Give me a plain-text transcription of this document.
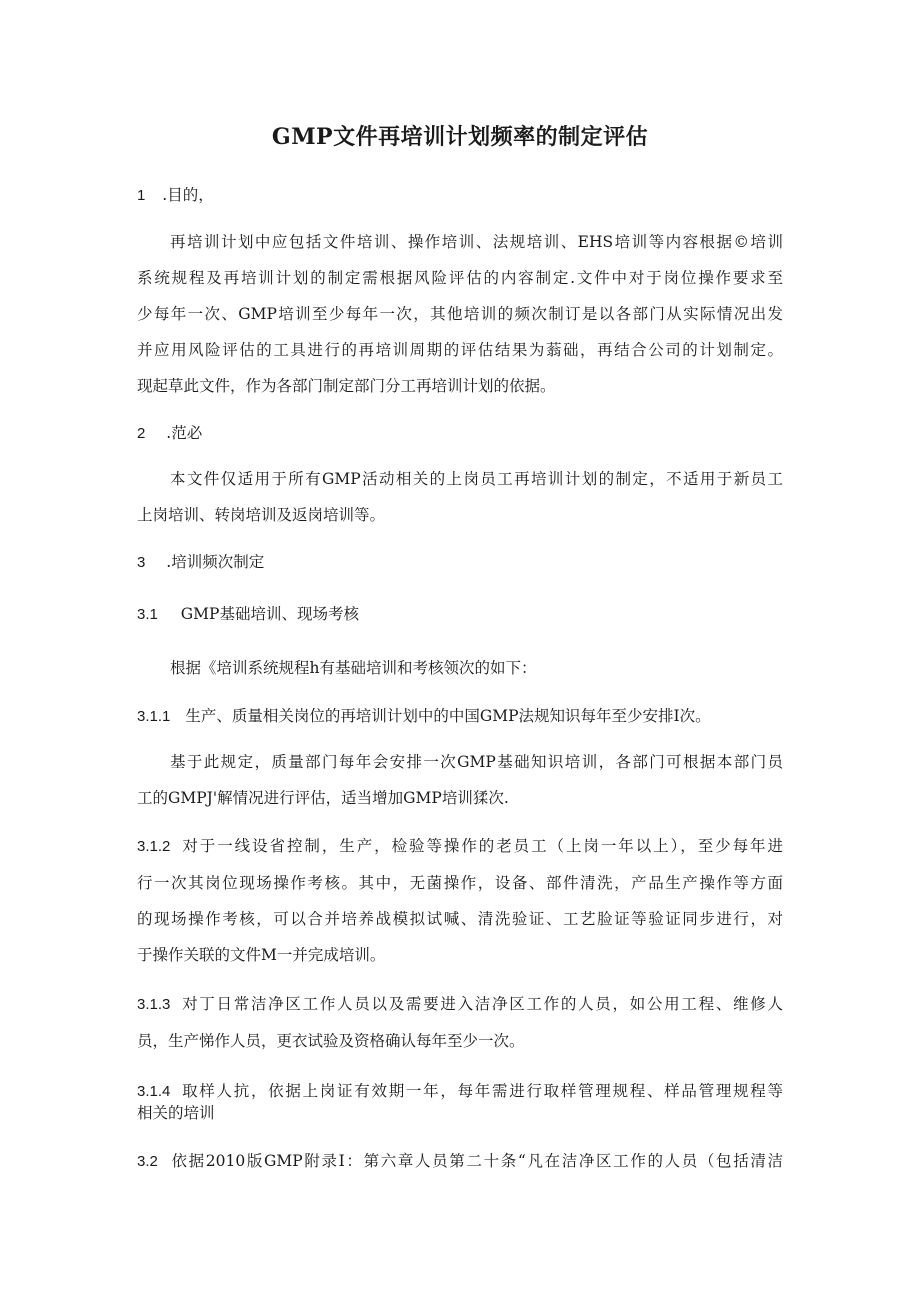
GMP文件再培训计划频率的制定评估
1 .目的，
再培训计划中应包括文件培训、操作培训、法规培训、EHS培训等内容根据©培训
系统规程及再培训计划的制定需根据风险评估的内容制定.文件中对于岗位操作要求至
少每年一次、GMP培训至少每年一次，其他培训的频次制订是以各部门从实际情况出发
并应用风险评估的工具进行的再培训周期的评估结果为蓊础，再结合公司的计划制定。
现起草此文件，作为各部门制定部门分工再培训计划的依据。
2 .范必
本文件仅适用于所有GMP活动相关的上岗员工再培训计划的制定，不适用于新员工
上岗培训、转岗培训及返岗培训等。
3 .培训频次制定
3.1 GMP基础培训、现场考核
根据《培训系统规程h有基础培训和考核领次的如下：
3.1.1 生产、质量相关岗位的再培训计划中的中国GMP法规知识每年至少安排I次。
基于此规定，质量部门每年会安排一次GMP基础知识培训，各部门可根据本部门员
工的GMPJ'解情况进行评估，适当增加GMP培训猱次.
3.1.2 对于一线设省控制，生产，检验等操作的老员工（上岗一年以上），至少每年进
行一次其岗位现场操作考核。其中，无菌操作，设备、部件清洗，产品生产操作等方面
的现场操作考核，可以合并培养战模拟试喊、清洗验证、工艺脸证等验证同步进行，对
于操作关联的文件M一并完成培训。
3.1.3 对丁日常洁净区工作人员以及需要进入洁净区工作的人员，如公用工程、维修人
员，生产悌作人员，更衣试验及资格确认每年至少一次。
3.1.4 取样人抗，依据上岗证有效期一年，每年需进行取样管理规程、样品管理规程等
相关的培训
3.2 依据2010版GMP附录I：第六章人员第二十条“凡在洁净区工作的人员（包括清洁
